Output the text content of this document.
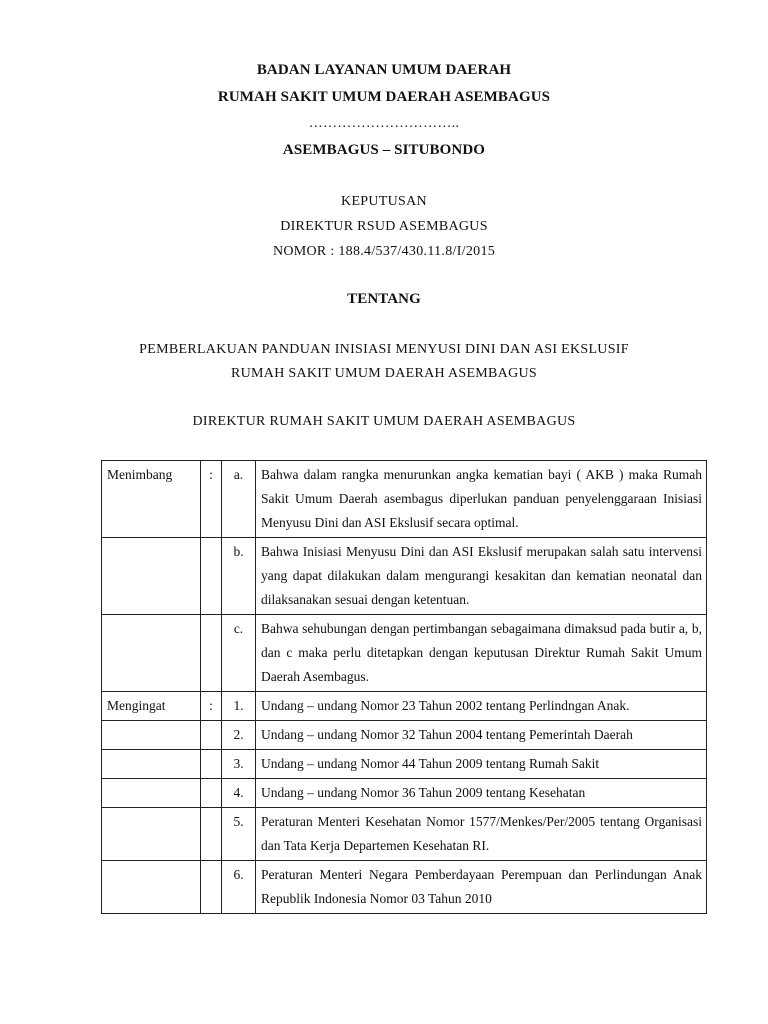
BADAN LAYANAN UMUM DAERAH
RUMAH SAKIT UMUM DAERAH ASEMBAGUS
…………………………..
ASEMBAGUS – SITUBONDO
KEPUTUSAN
DIREKTUR RSUD ASEMBAGUS
NOMOR : 188.4/537/430.11.8/I/2015
TENTANG
PEMBERLAKUAN PANDUAN INISIASI MENYUSI DINI DAN ASI EKSLUSIF
RUMAH SAKIT UMUM DAERAH ASEMBAGUS
DIREKTUR RUMAH SAKIT UMUM DAERAH ASEMBAGUS
Menimbang	:	a.	Bahwa dalam rangka menurunkan angka kematian bayi ( AKB ) maka Rumah Sakit Umum Daerah asembagus diperlukan panduan penyelenggaraan Inisiasi Menyusu Dini dan ASI Ekslusif secara optimal.
		b.	Bahwa Inisiasi Menyusu Dini dan ASI Ekslusif merupakan salah satu intervensi yang dapat dilakukan dalam mengurangi kesakitan dan kematian neonatal dan dilaksanakan sesuai dengan ketentuan.
		c.	Bahwa sehubungan dengan pertimbangan sebagaimana dimaksud pada butir a, b, dan c maka perlu ditetapkan dengan keputusan Direktur Rumah Sakit Umum Daerah Asembagus.
Mengingat	:	1.	Undang – undang Nomor 23 Tahun 2002 tentang Perlindngan Anak.
		2.	Undang – undang Nomor 32 Tahun 2004 tentang Pemerintah Daerah
		3.	Undang – undang Nomor 44 Tahun 2009 tentang Rumah Sakit
		4.	Undang – undang Nomor 36 Tahun 2009 tentang Kesehatan
		5.	Peraturan Menteri Kesehatan Nomor 1577/Menkes/Per/2005 tentang Organisasi dan Tata Kerja Departemen Kesehatan RI.
		6.	Peraturan Menteri Negara Pemberdayaan Perempuan dan Perlindungan Anak Republik Indonesia Nomor 03 Tahun 2010
